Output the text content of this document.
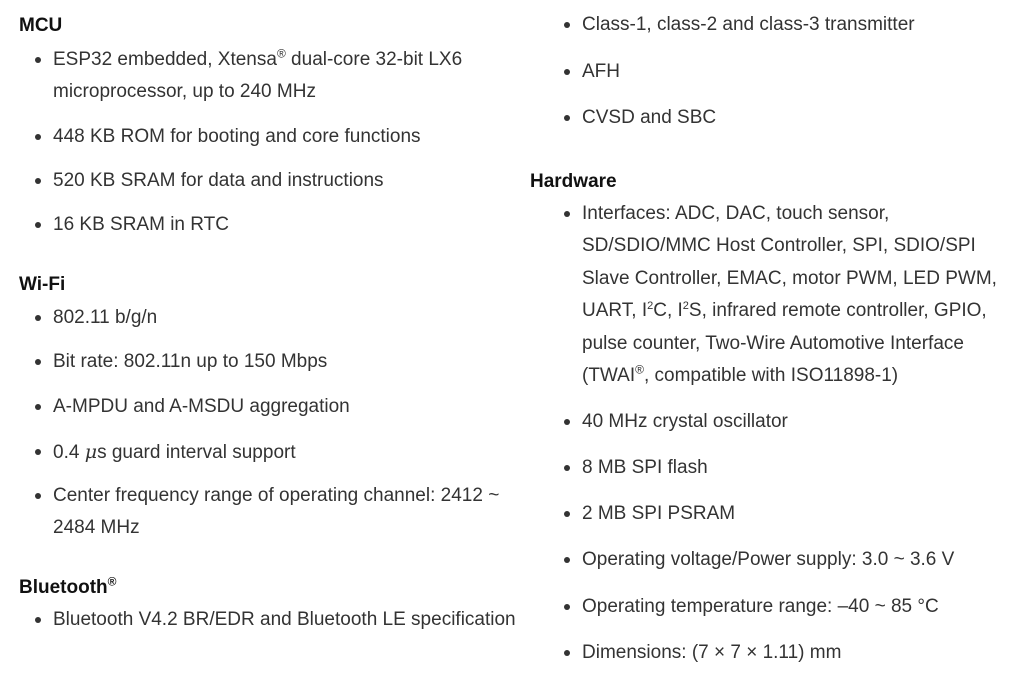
MCU
ESP32 embedded, Xtensa® dual-core 32-bit LX6 microprocessor, up to 240 MHz
448 KB ROM for booting and core functions
520 KB SRAM for data and instructions
16 KB SRAM in RTC
Wi-Fi
802.11 b/g/n
Bit rate: 802.11n up to 150 Mbps
A-MPDU and A-MSDU aggregation
0.4 μs guard interval support
Center frequency range of operating channel: 2412 ~ 2484 MHz
Bluetooth®
Bluetooth V4.2 BR/EDR and Bluetooth LE specification
Class-1, class-2 and class-3 transmitter
AFH
CVSD and SBC
Hardware
Interfaces: ADC, DAC, touch sensor, SD/SDIO/MMC Host Controller, SPI, SDIO/SPI Slave Controller, EMAC, motor PWM, LED PWM, UART, $I^2C$, $I^2S$, infrared remote controller, GPIO, pulse counter, Two-Wire Automotive Interface (TWAI®, compatible with ISO11898-1)
40 MHz crystal oscillator
8 MB SPI flash
2 MB SPI PSRAM
Operating voltage/Power supply: 3.0 ~ 3.6 V
Operating temperature range: –40 ~ 85 °C
Dimensions: (7 × 7 × 1.11) mm
